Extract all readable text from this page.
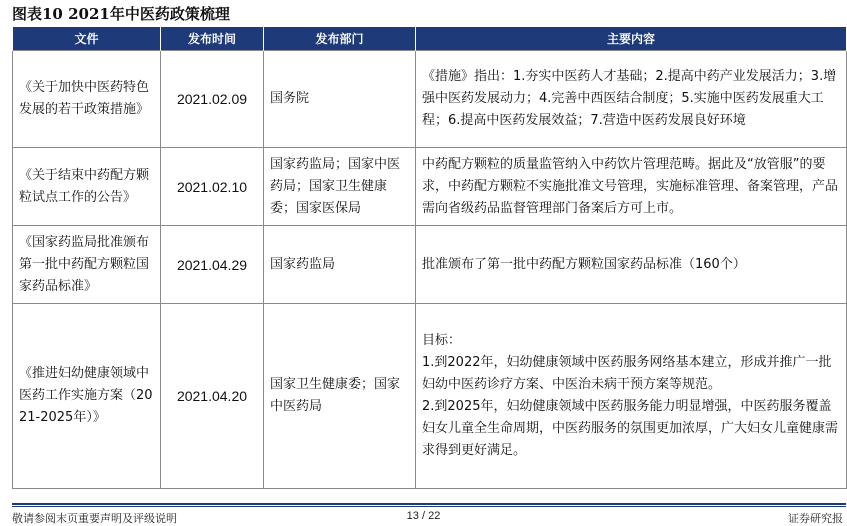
图表10 2021年中医药政策梳理
文件	发布时间	发布部门	主要内容
《关于加快中医药特色发展的若干政策措施》	2021.02.09	国务院	《措施》指出：1.夯实中医药人才基础；2.提高中药产业发展活力；3.增强中医药发展动力；4.完善中西医结合制度；5.实施中医药发展重大工程；6.提高中医药发展效益；7.营造中医药发展良好环境

《关于结束中药配方颗粒试点工作的公告》	2021.02.10	国家药监局；国家中医药局；国家卫生健康委；国家医保局	中药配方颗粒的质量监管纳入中药饮片管理范畴。据此及“放管服”的要求，中药配方颗粒不实施批准文号管理，实施标准管理、备案管理，产品需向省级药品监督管理部门备案后方可上市。

《国家药监局批准颁布第一批中药配方颗粒国家药品标准》	2021.04.29	国家药监局	批准颁布了第一批中药配方颗粒国家药品标准（160个）

《推进妇幼健康领域中医药工作实施方案（2021-2025年）》	2021.04.20	国家卫生健康委；国家中医药局	目标：
1.到2022年，妇幼健康领域中医药服务网络基本建立，形成并推广一批妇幼中医药诊疗方案、中医治未病干预方案等规范。
2.到2025年，妇幼健康领域中医药服务能力明显增强，中医药服务覆盖妇女儿童全生命周期，中医药服务的氛围更加浓厚，广大妇女儿童健康需求得到更好满足。
敬请参阅末页重要声明及评级说明	13 / 22	证券研究报
